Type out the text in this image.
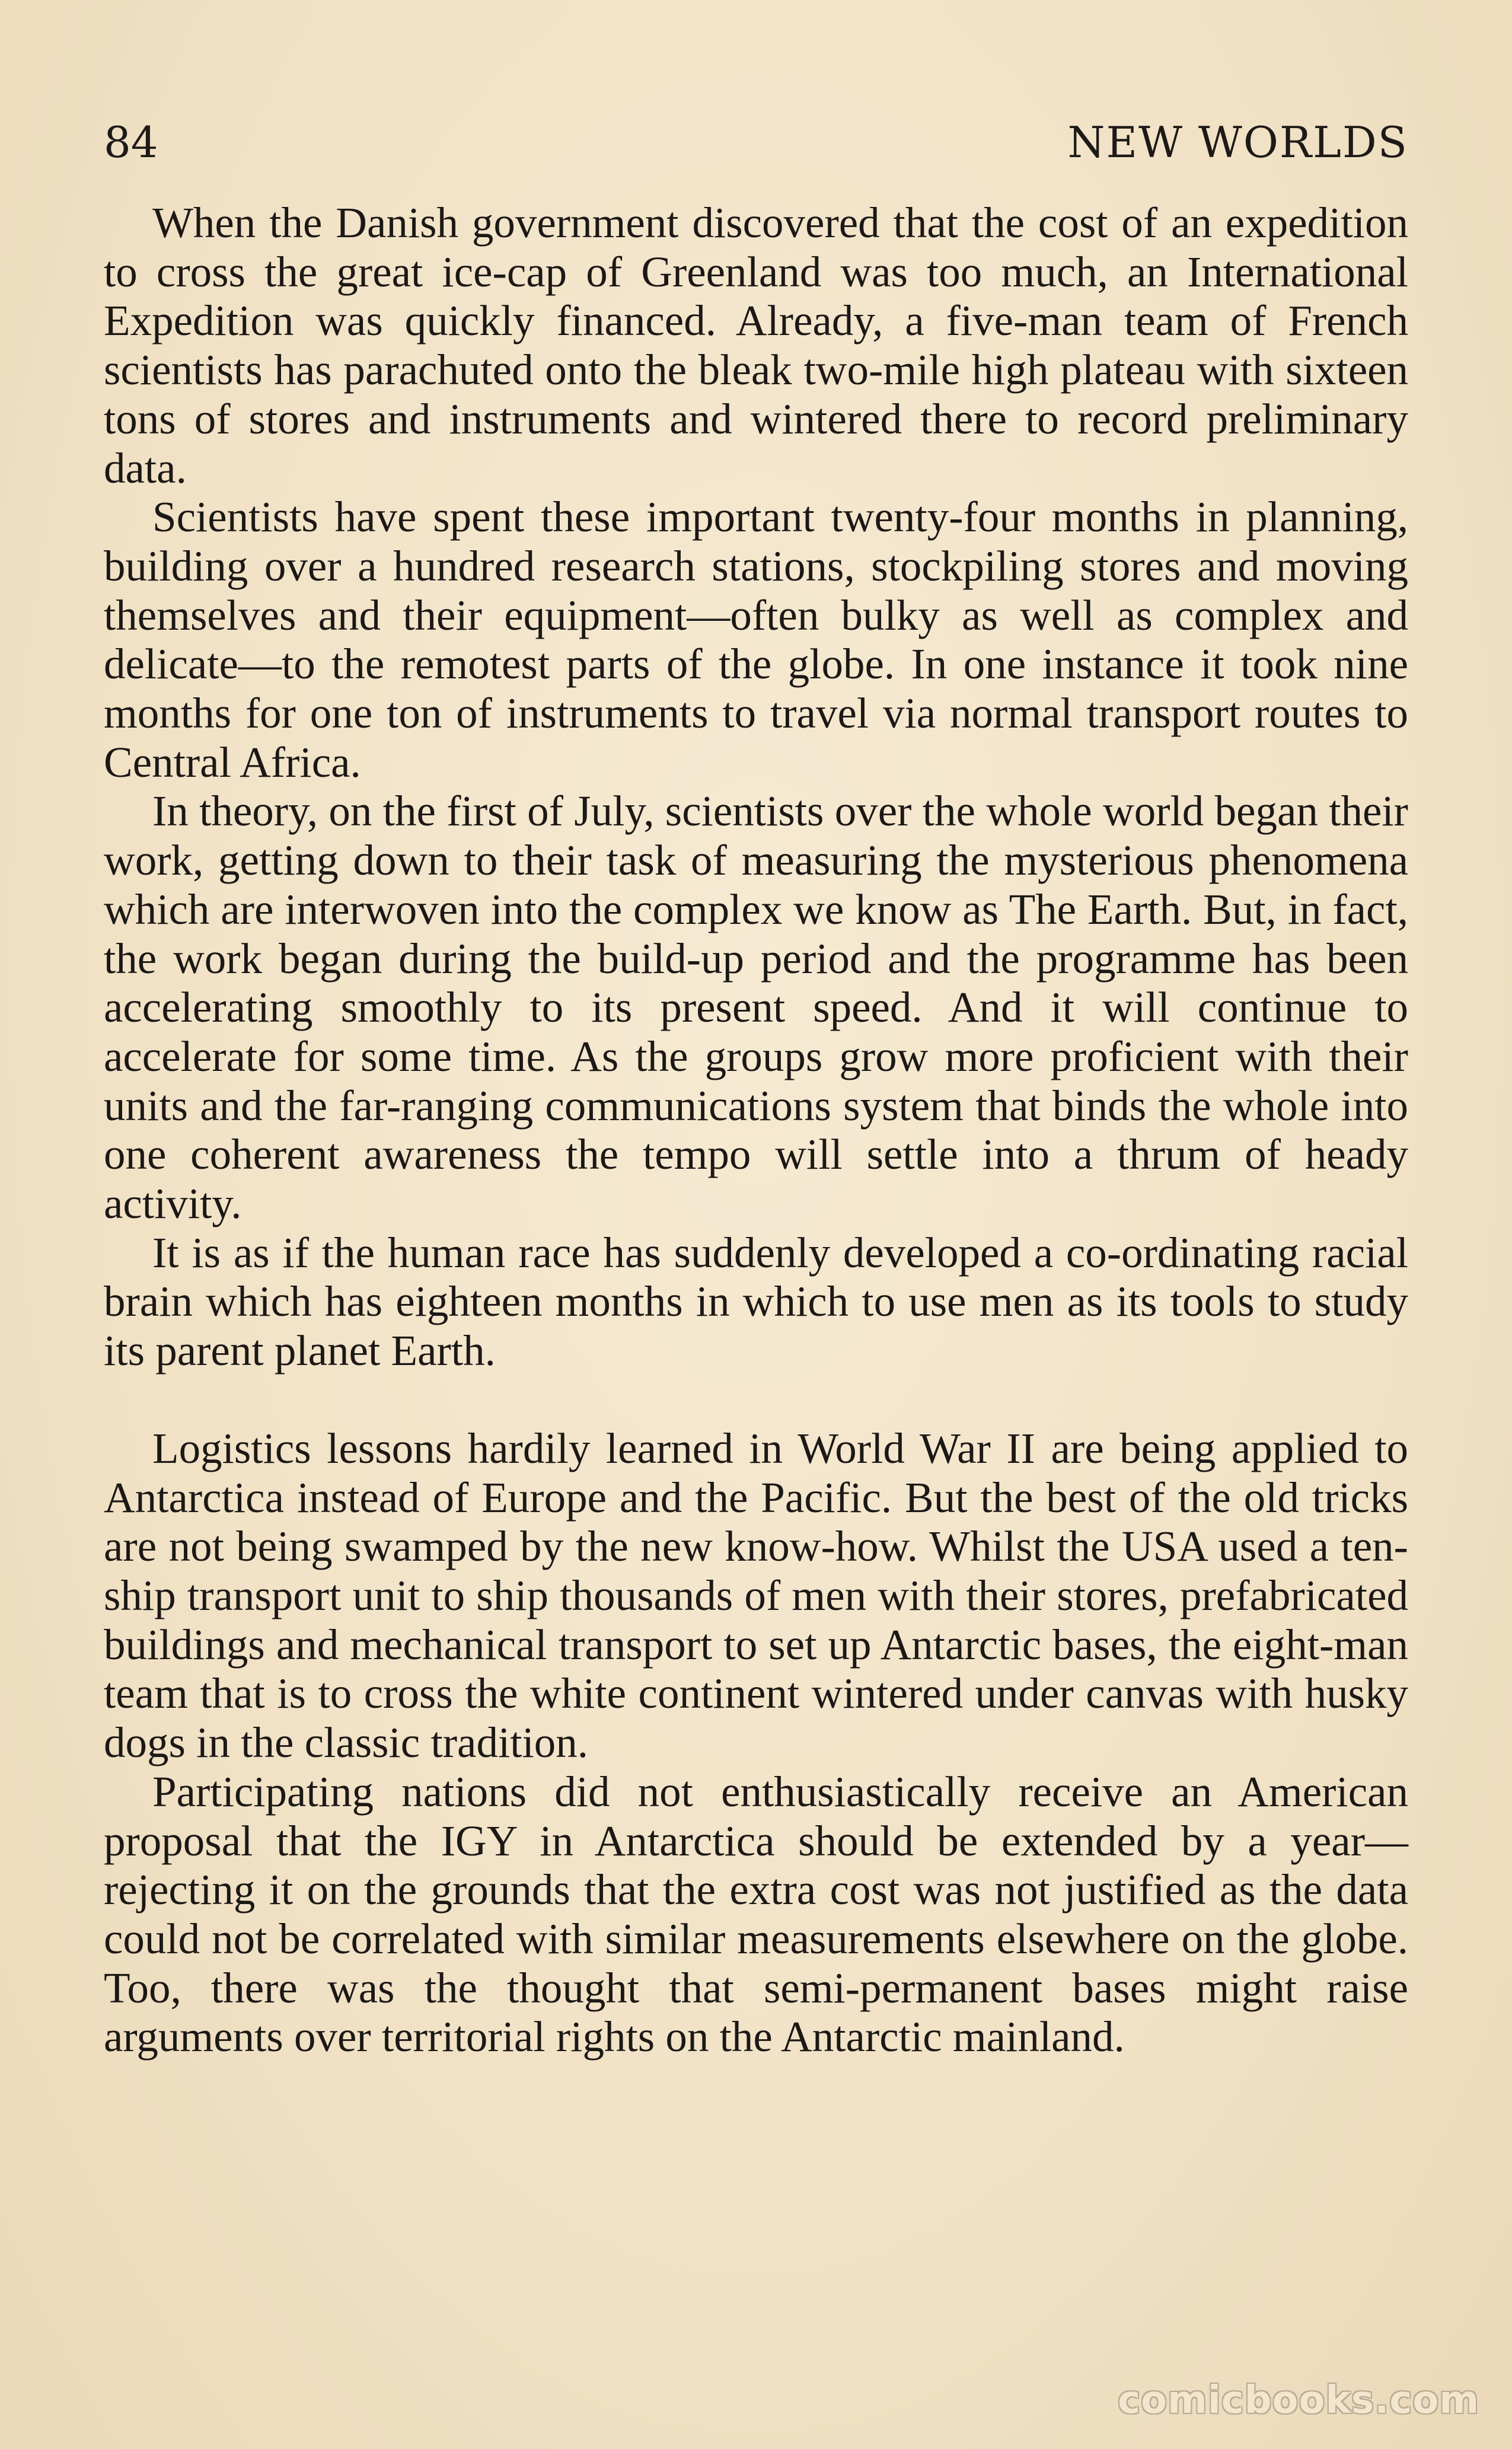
84	NEW WORLDS

When the Danish government discovered that the cost of an expedition to cross the great ice-cap of Greenland was too much, an International Expedition was quickly financed. Already, a five-man team of French scientists has parachuted onto the bleak two-mile high plateau with sixteen tons of stores and instruments and wintered there to record preliminary data.

Scientists have spent these important twenty-four months in planning, building over a hundred research stations, stockpiling stores and moving themselves and their equipment—often bulky as well as complex and delicate—to the remotest parts of the globe. In one instance it took nine months for one ton of instruments to travel via normal transport routes to Central Africa.

In theory, on the first of July, scientists over the whole world began their work, getting down to their task of measuring the mysterious phenomena which are interwoven into the complex we know as The Earth. But, in fact, the work began during the build-up period and the programme has been accelerating smoothly to its present speed. And it will continue to accelerate for some time. As the groups grow more proficient with their units and the far-ranging communications system that binds the whole into one coherent awareness the tempo will settle into a thrum of heady activity.

It is as if the human race has suddenly developed a co-ordinating racial brain which has eighteen months in which to use men as its tools to study its parent planet Earth.

Logistics lessons hardily learned in World War II are being applied to Antarctica instead of Europe and the Pacific. But the best of the old tricks are not being swamped by the new know-how. Whilst the USA used a ten-ship transport unit to ship thousands of men with their stores, prefabricated buildings and mechanical transport to set up Antarctic bases, the eight-man team that is to cross the white continent wintered under canvas with husky dogs in the classic tradition.

Participating nations did not enthusiastically receive an American proposal that the IGY in Antarctica should be extended by a year—rejecting it on the grounds that the extra cost was not justified as the data could not be correlated with similar measurements elsewhere on the globe. Too, there was the thought that semi-permanent bases might raise arguments over territorial rights on the Antarctic mainland.

comicbooks.com
